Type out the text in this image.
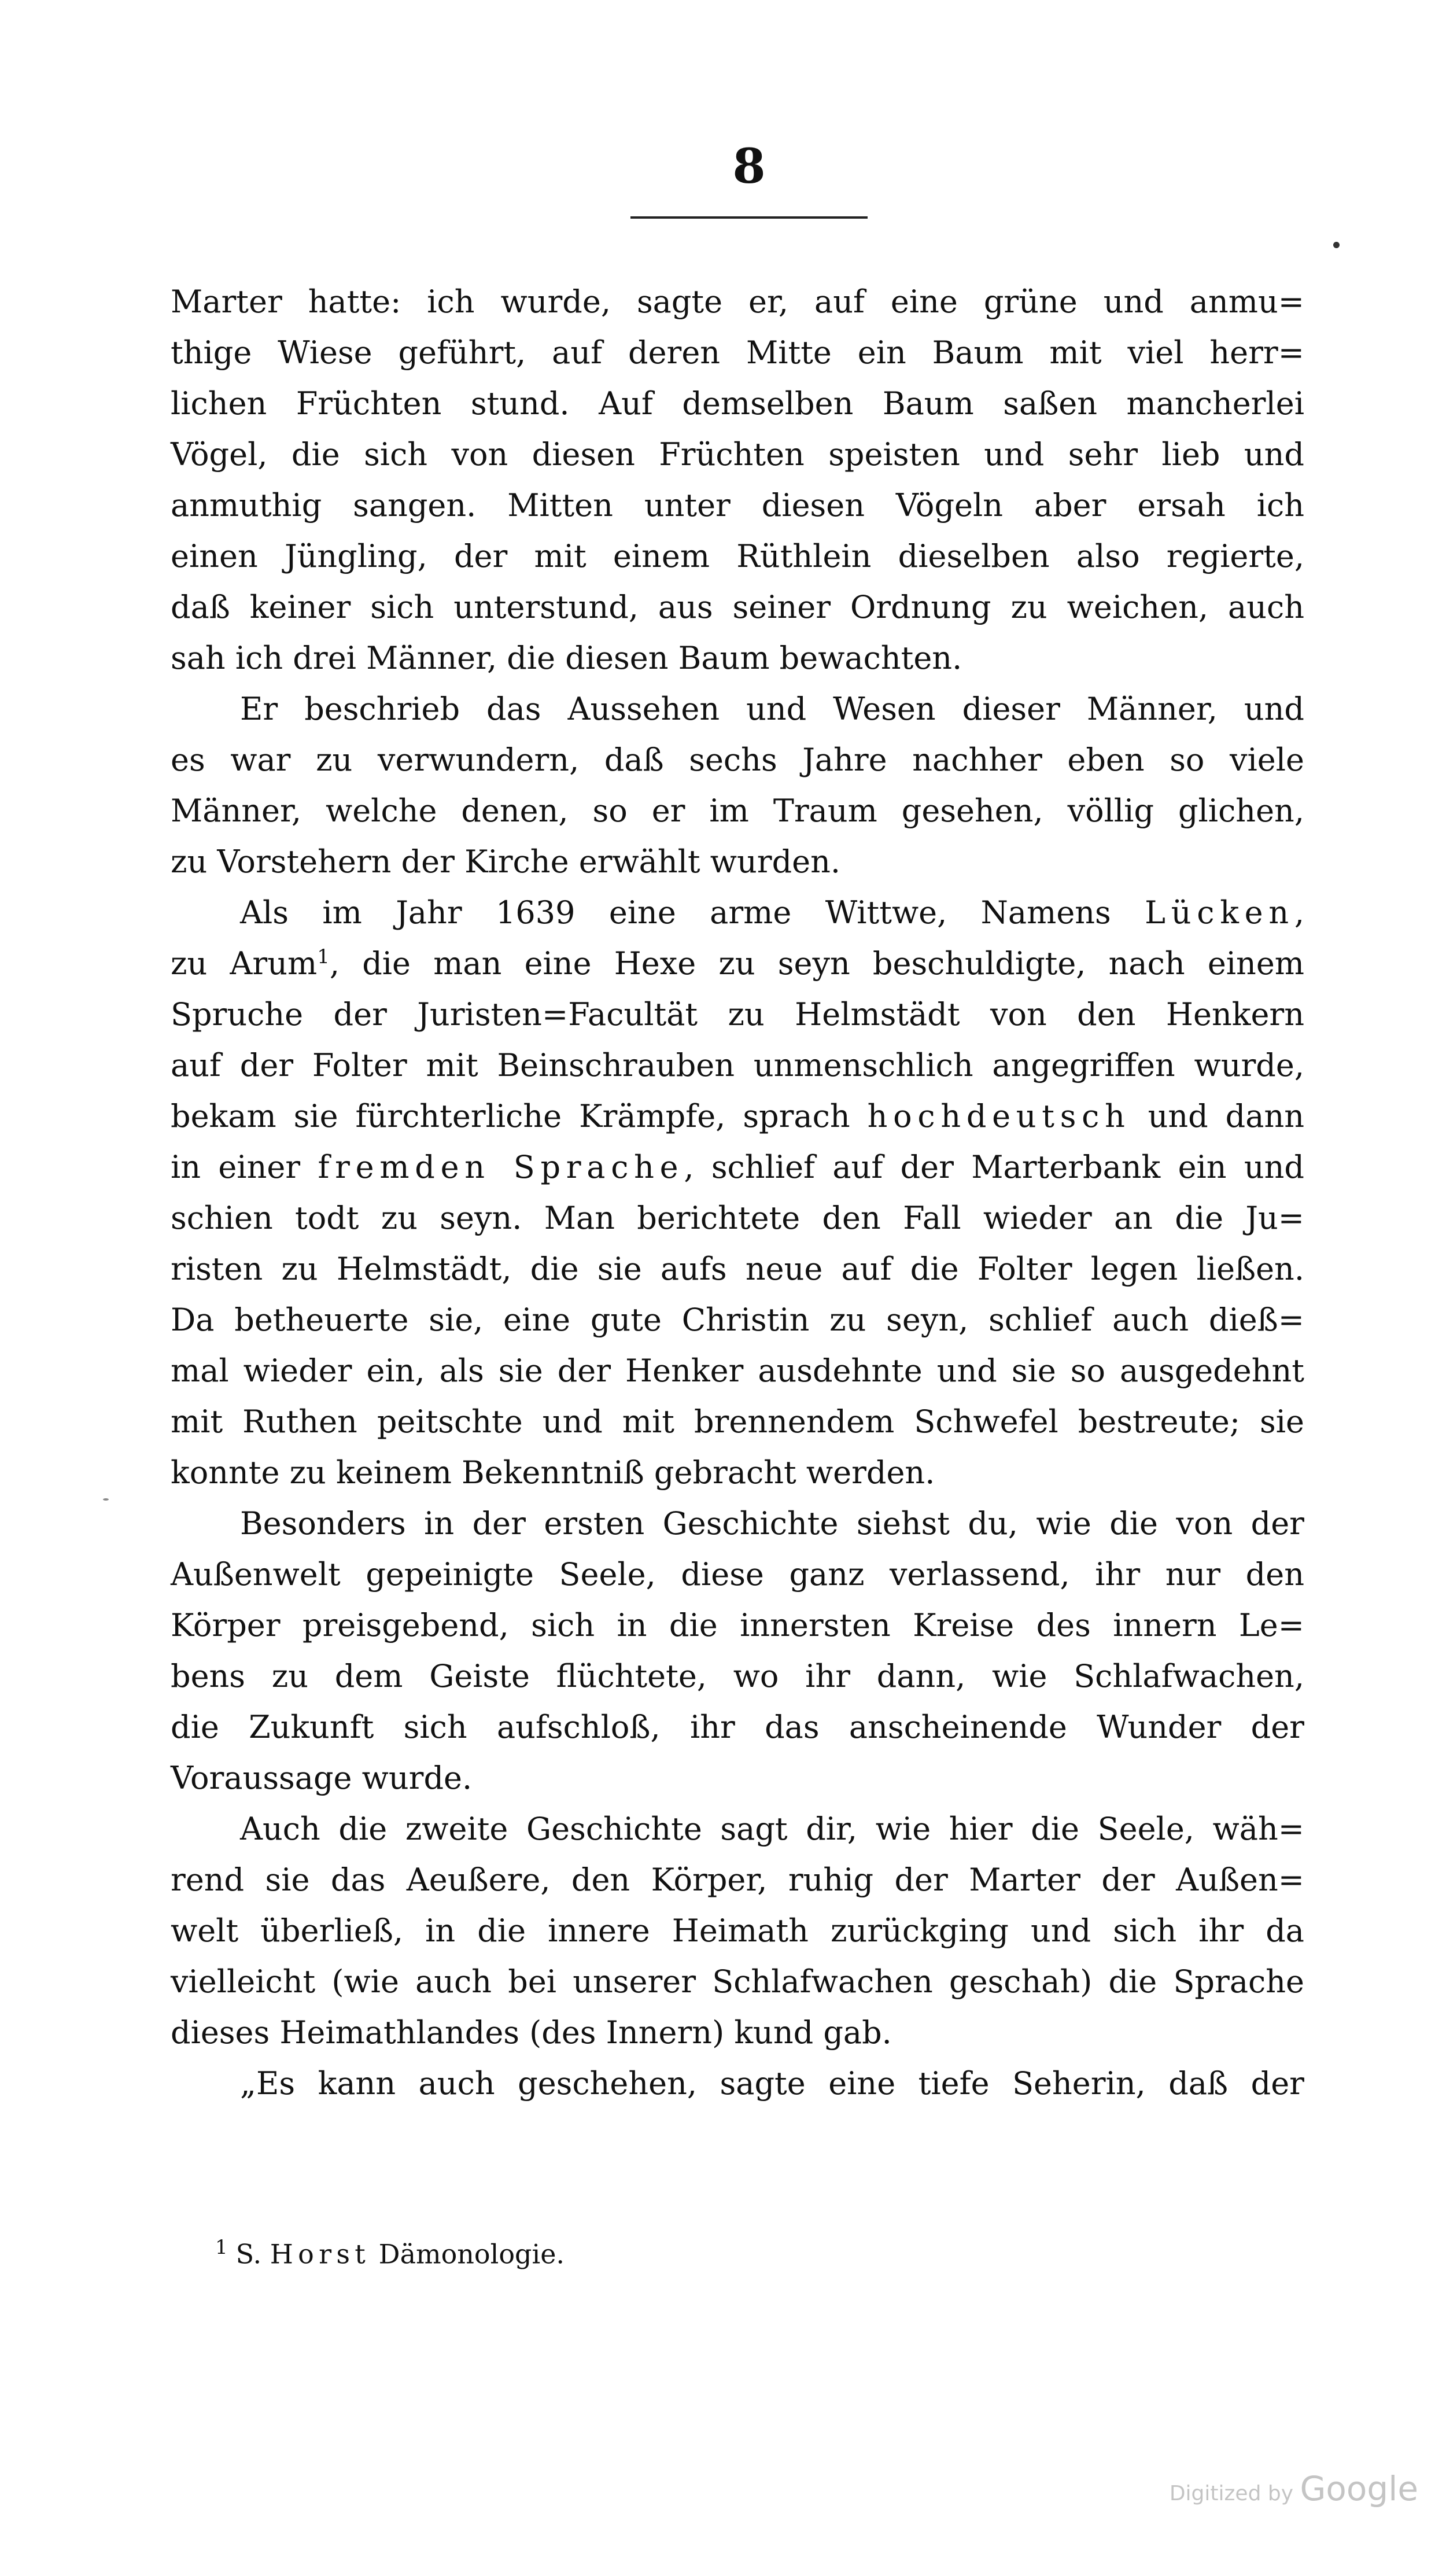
8
Marter hatte: ich wurde, sagte er, auf eine grüne und anmu=
thige Wiese geführt, auf deren Mitte ein Baum mit viel herr=
lichen Früchten stund. Auf demselben Baum saßen mancherlei
Vögel, die sich von diesen Früchten speisten und sehr lieb und
anmuthig sangen. Mitten unter diesen Vögeln aber ersah ich
einen Jüngling, der mit einem Rüthlein dieselben also regierte,
daß keiner sich unterstund, aus seiner Ordnung zu weichen, auch
sah ich drei Männer, die diesen Baum bewachten.
Er beschrieb das Aussehen und Wesen dieser Männer, und
es war zu verwundern, daß sechs Jahre nachher eben so viele
Männer, welche denen, so er im Traum gesehen, völlig glichen,
zu Vorstehern der Kirche erwählt wurden.
Als im Jahr 1639 eine arme Wittwe, Namens Lücken,
zu Arum$^1$, die man eine Hexe zu seyn beschuldigte, nach einem
Spruche der Juristen=Facultät zu Helmstädt von den Henkern
auf der Folter mit Beinschrauben unmenschlich angegriffen wurde,
bekam sie fürchterliche Krämpfe, sprach hochdeutsch und dann
in einer fremden Sprache, schlief auf der Marterbank ein und
schien todt zu seyn. Man berichtete den Fall wieder an die Ju=
risten zu Helmstädt, die sie aufs neue auf die Folter legen ließen.
Da betheuerte sie, eine gute Christin zu seyn, schlief auch dieß=
mal wieder ein, als sie der Henker ausdehnte und sie so ausgedehnt
mit Ruthen peitschte und mit brennendem Schwefel bestreute; sie
konnte zu keinem Bekenntniß gebracht werden.
Besonders in der ersten Geschichte siehst du, wie die von der
Außenwelt gepeinigte Seele, diese ganz verlassend, ihr nur den
Körper preisgebend, sich in die innersten Kreise des innern Le=
bens zu dem Geiste flüchtete, wo ihr dann, wie Schlafwachen,
die Zukunft sich aufschloß, ihr das anscheinende Wunder der
Voraussage wurde.
Auch die zweite Geschichte sagt dir, wie hier die Seele, wäh=
rend sie das Aeußere, den Körper, ruhig der Marter der Außen=
welt überließ, in die innere Heimath zurückging und sich ihr da
vielleicht (wie auch bei unserer Schlafwachen geschah) die Sprache
dieses Heimathlandes (des Innern) kund gab.
„Es kann auch geschehen, sagte eine tiefe Seherin, daß der
$^1$ S. Horst Dämonologie.
Digitized by Google
